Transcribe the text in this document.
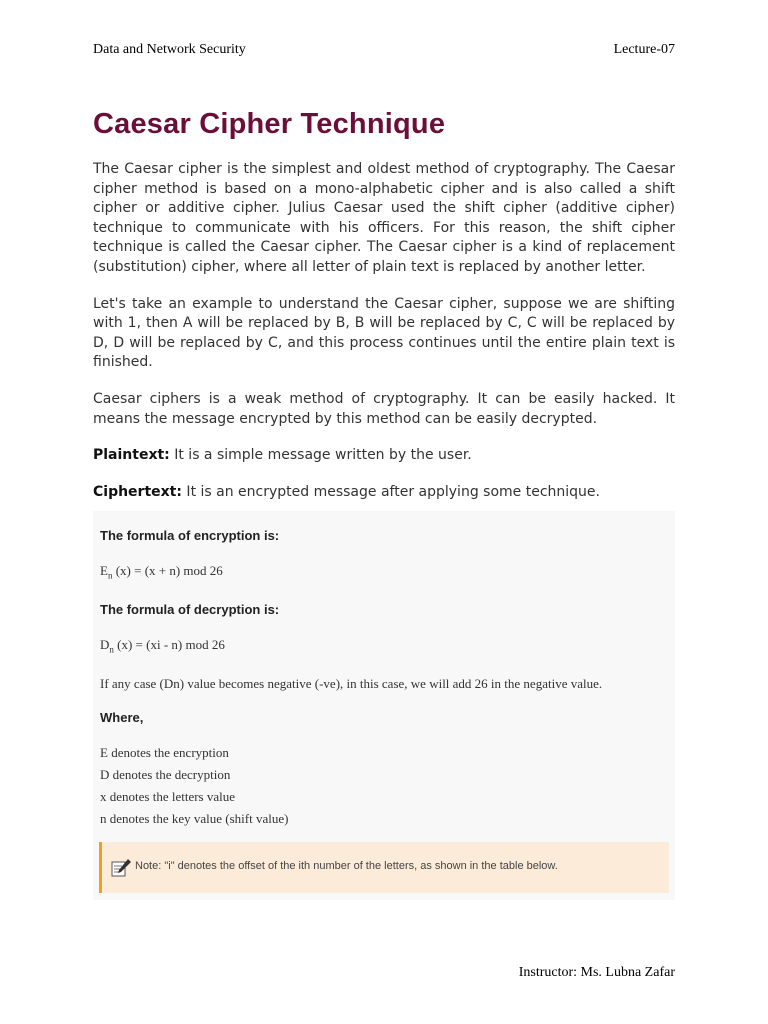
Data and Network Security	Lecture-07
Caesar Cipher Technique

The Caesar cipher is the simplest and oldest method of cryptography. The Caesar cipher method is based on a mono-alphabetic cipher and is also called a shift cipher or additive cipher. Julius Caesar used the shift cipher (additive cipher) technique to communicate with his officers. For this reason, the shift cipher technique is called the Caesar cipher. The Caesar cipher is a kind of replacement (substitution) cipher, where all letter of plain text is replaced by another letter.

Let's take an example to understand the Caesar cipher, suppose we are shifting with 1, then A will be replaced by B, B will be replaced by C, C will be replaced by D, D will be replaced by C, and this process continues until the entire plain text is finished.

Caesar ciphers is a weak method of cryptography. It can be easily hacked. It means the message encrypted by this method can be easily decrypted.

Plaintext: It is a simple message written by the user.

Ciphertext: It is an encrypted message after applying some technique.

The formula of encryption is:
$E_n$ (x) = (x + n) mod 26
The formula of decryption is:
$D_n$ (x) = (xi - n) mod 26
If any case (Dn) value becomes negative (-ve), in this case, we will add 26 in the negative value.
Where,
E denotes the encryption
D denotes the decryption
x denotes the letters value
n denotes the key value (shift value)
Note: "i" denotes the offset of the ith number of the letters, as shown in the table below.
Instructor: Ms. Lubna Zafar
